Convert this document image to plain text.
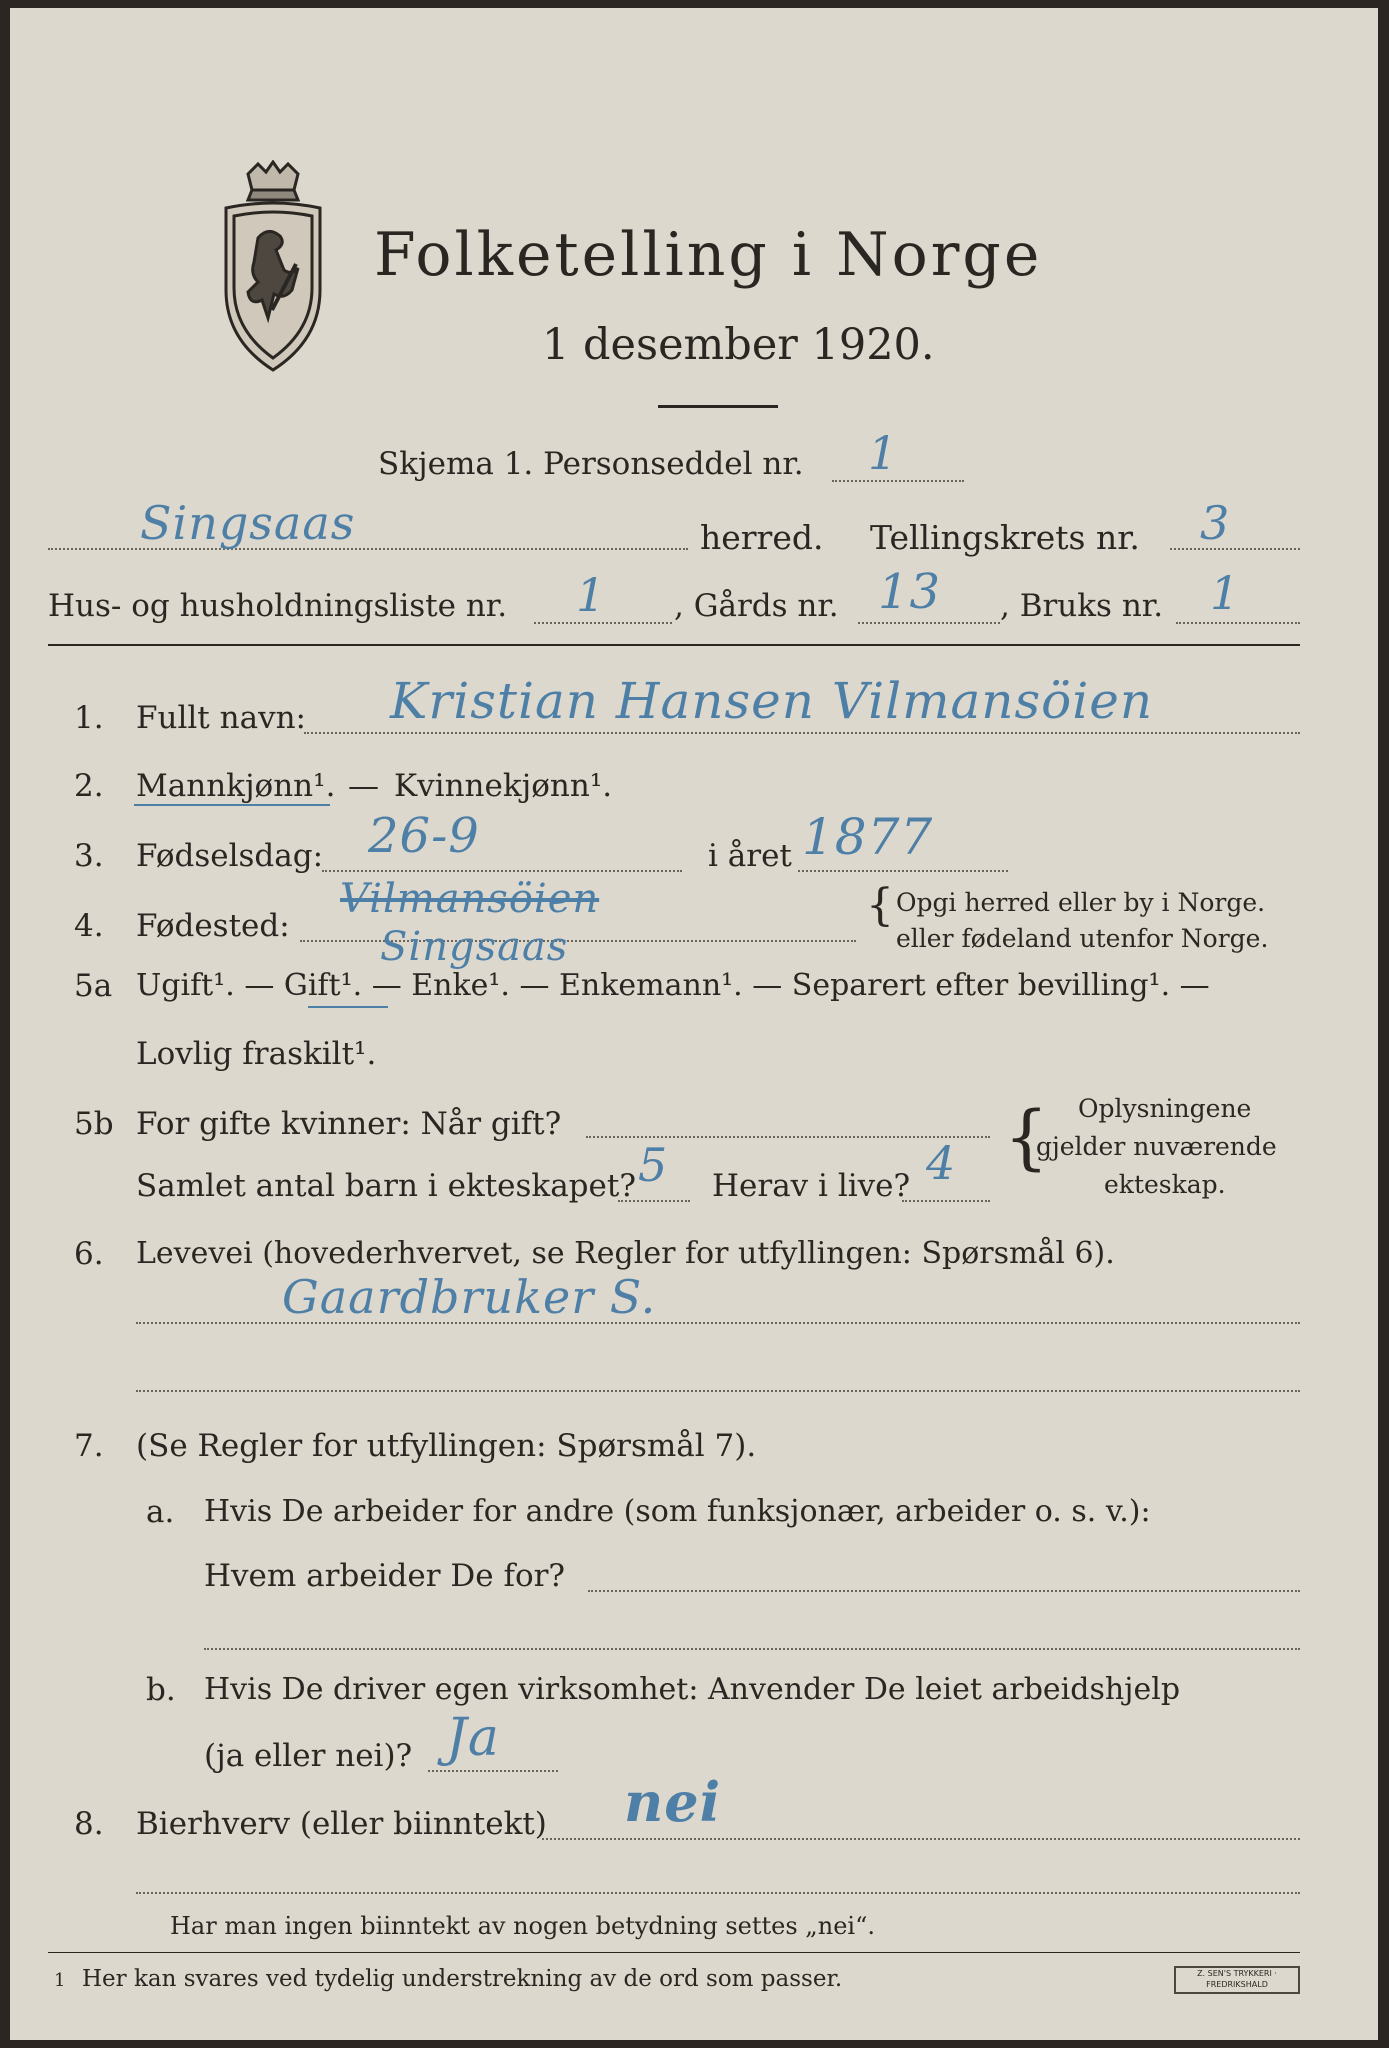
Folketelling i Norge
1 desember 1920.
Skjema 1. Personseddel nr. 1
Singsaas	herred. Tellingskrets nr. 3
Hus- og husholdningsliste nr. 1 , Gårds nr. 13 , Bruks nr. 1
1. Fullt navn: Kristian Hansen Vilmansöien
2. Mannkjønn¹. — Kvinnekjønn¹.
3. Fødselsdag: 26-9	i året 1877
4. Fødested:
Vilmansöien
Singsaas
{ Opgi herred eller by i Norge.
eller fødeland utenfor Norge.
5a Ugift¹. — Gift¹. — Enke¹. — Enkemann¹. — Separert efter bevilling¹. —
Lovlig fraskilt¹.
5b For gifte kvinner: Når gift?
Samlet antal barn i ekteskapet? 5 Herav i live? 4 { Oplysningene
gjelder nuværende
ekteskap.
6. Levevei (hovederhvervet, se Regler for utfyllingen: Spørsmål 6).
Gaardbruker S.
7. (Se Regler for utfyllingen: Spørsmål 7).
a. Hvis De arbeider for andre (som funksjonær, arbeider o. s. v.):
Hvem arbeider De for?
b. Hvis De driver egen virksomhet: Anvender De leiet arbeidshjelp
(ja eller nei)? Ja
8. Bierhverv (eller biinntekt) nei
Har man ingen biinntekt av nogen betydning settes „nei“.
1 Her kan svares ved tydelig understrekning av de ord som passer.	Z. SEN'S TRYKKERI · FREDRIKSHALD
